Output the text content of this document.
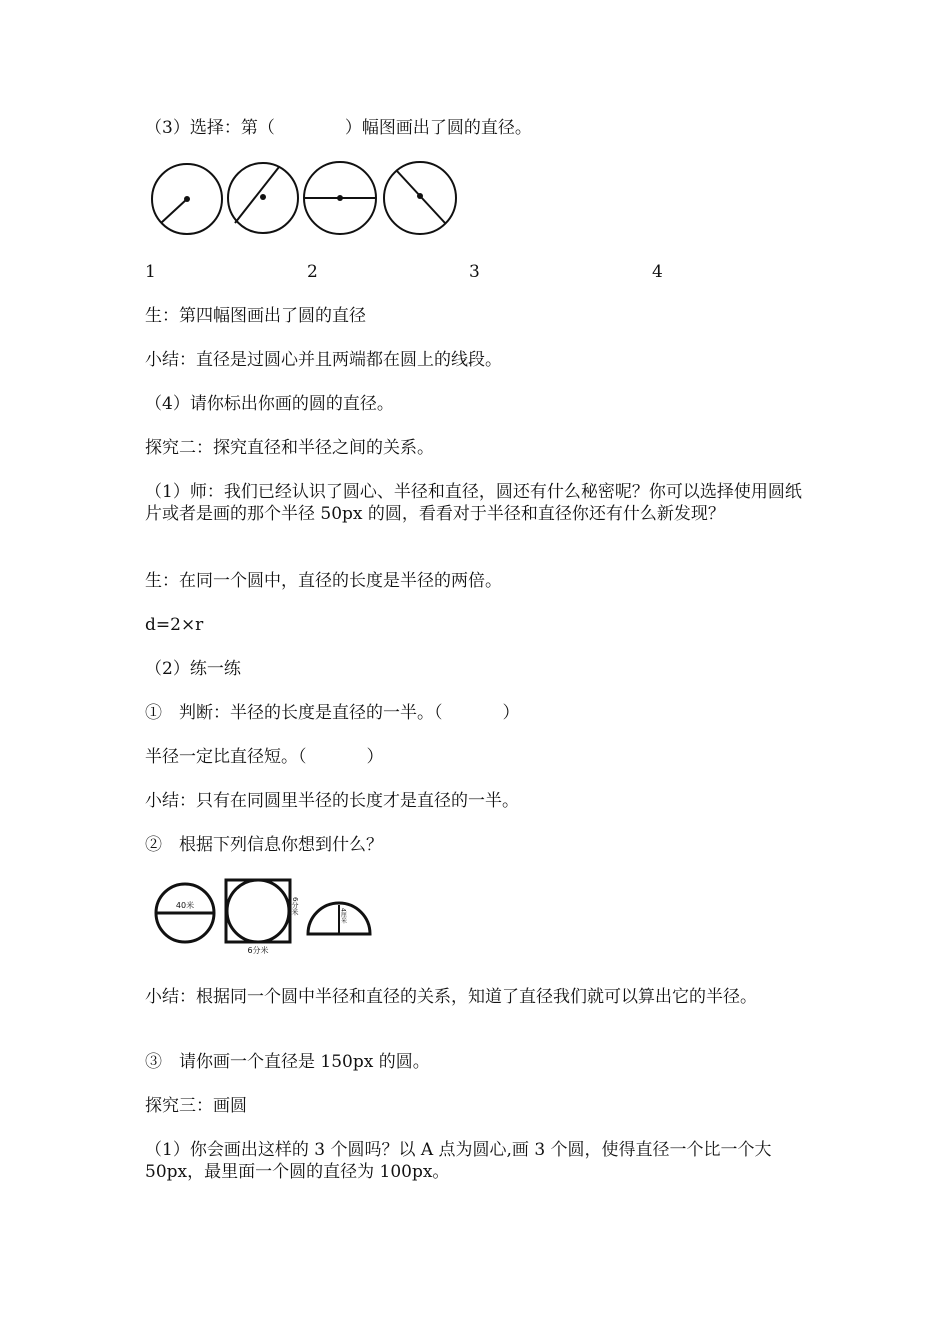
（3）选择：第（	）幅图画出了圆的直径。
1	2	3	4
生：第四幅图画出了圆的直径
小结：直径是过圆心并且两端都在圆上的线段。
（4）请你标出你画的圆的直径。
探究二：探究直径和半径之间的关系。
（1）师：我们已经认识了圆心、半径和直径，圆还有什么秘密呢？你可以选择使用圆纸片或者是画的那个半径 50px 的圆，看看对于半径和直径你还有什么新发现？
生：在同一个圆中，直径的长度是半径的两倍。
d=2×r
（2）练一练
①　判断：半径的长度是直径的一半。（	）
半径一定比直径短。（	）
小结：只有在同圆里半径的长度才是直径的一半。
②　根据下列信息你想到什么？
40米	6分米
6分米
4厘米
小结：根据同一个圆中半径和直径的关系，知道了直径我们就可以算出它的半径。
③　请你画一个直径是 150px 的圆。
探究三：画圆
（1）你会画出这样的 3 个圆吗？以 A 点为圆心,画 3 个圆，使得直径一个比一个大 50px，最里面一个圆的直径为 100px。
